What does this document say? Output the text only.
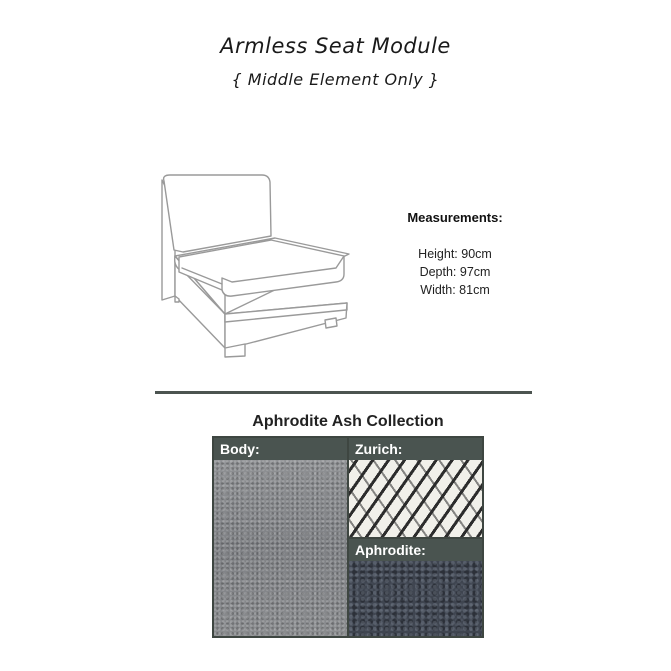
Armless Seat Module
{ Middle Element Only }
Measurements:
Height: 90cm
Depth: 97cm
Width: 81cm
Aphrodite Ash Collection
Body:	Zurich:
Aphrodite:
